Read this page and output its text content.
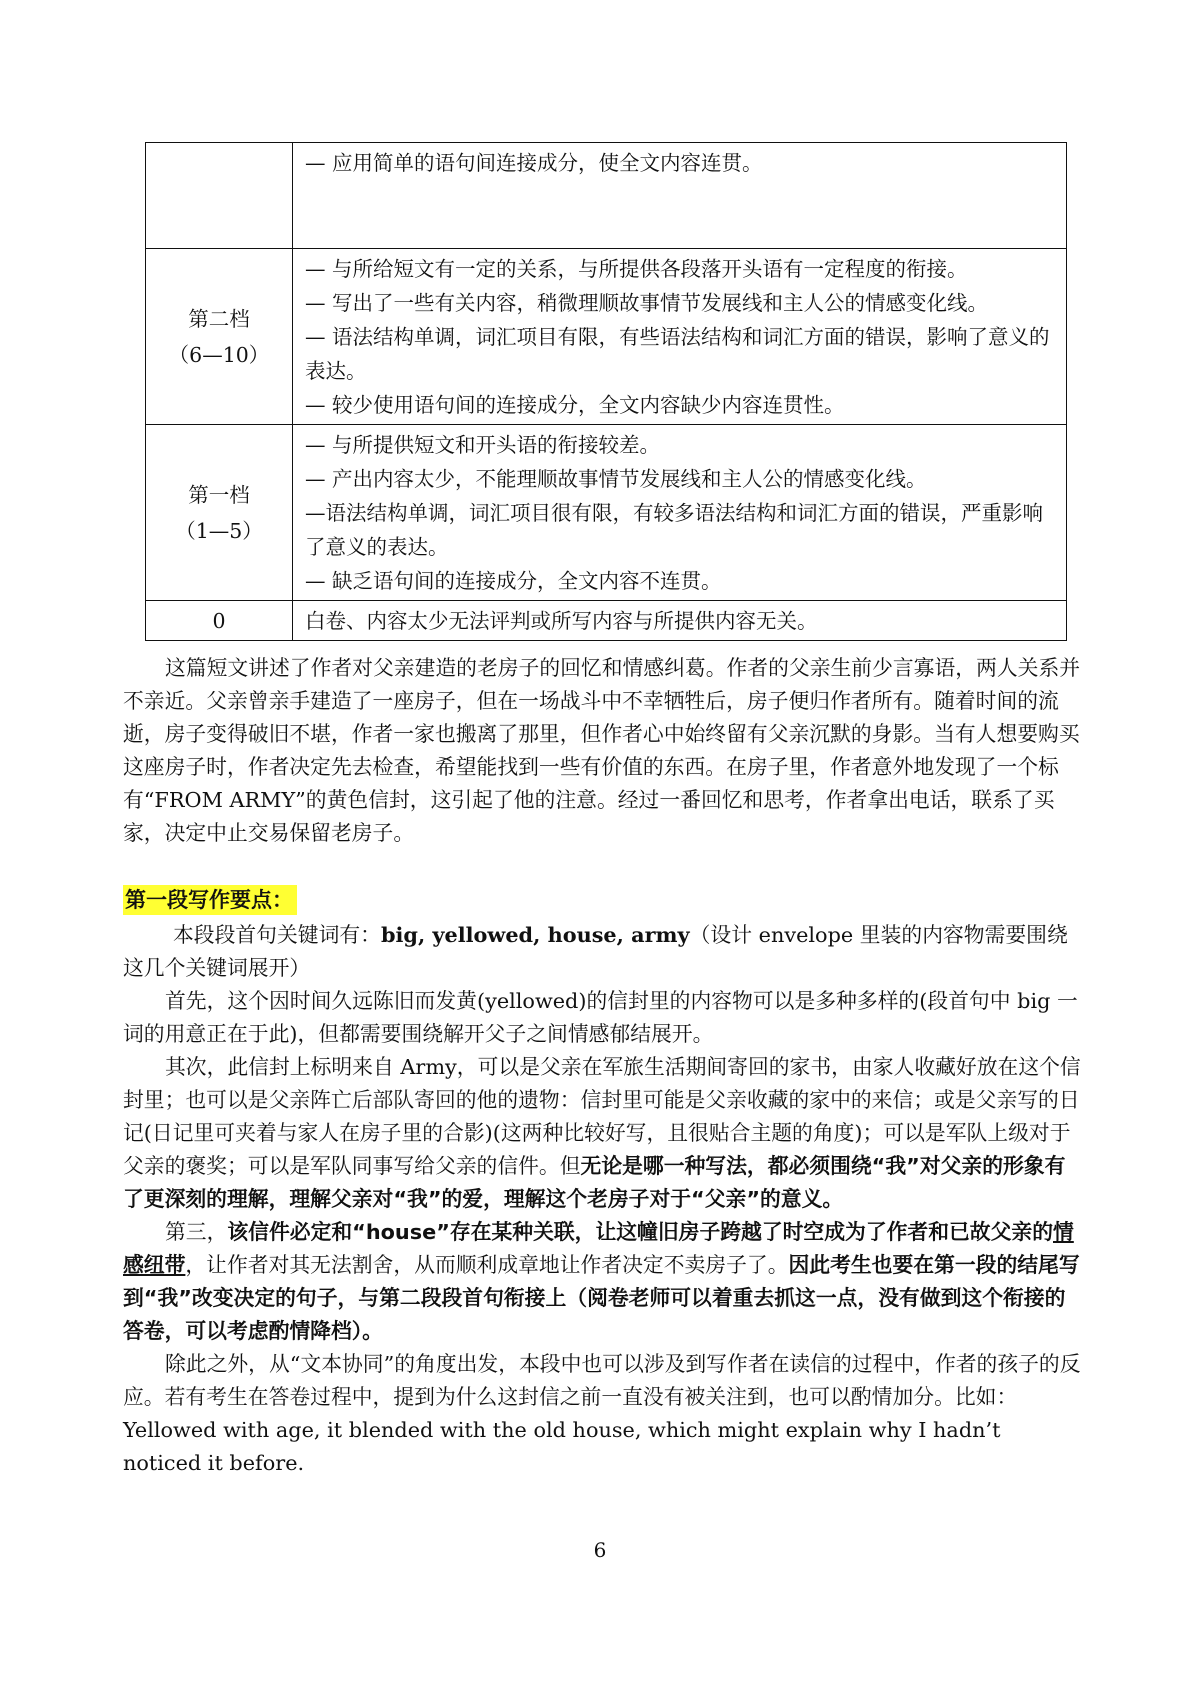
	— 应用简单的语句间连接成分，使全文内容连贯。

第二档
（6—10）	— 与所给短文有一定的关系，与所提供各段落开头语有一定程度的衔接。
— 写出了一些有关内容，稍微理顺故事情节发展线和主人公的情感变化线。
— 语法结构单调，词汇项目有限，有些语法结构和词汇方面的错误，影响了意义的表达。
— 较少使用语句间的连接成分，全文内容缺少内容连贯性。

第一档
（1—5）	— 与所提供短文和开头语的衔接较差。
— 产出内容太少，不能理顺故事情节发展线和主人公的情感变化线。
—语法结构单调，词汇项目很有限，有较多语法结构和词汇方面的错误，严重影响了意义的表达。
— 缺乏语句间的连接成分，全文内容不连贯。

0	白卷、内容太少无法评判或所写内容与所提供内容无关。

这篇短文讲述了作者对父亲建造的老房子的回忆和情感纠葛。作者的父亲生前少言寡语，两人关系并不亲近。父亲曾亲手建造了一座房子，但在一场战斗中不幸牺牲后，房子便归作者所有。随着时间的流逝，房子变得破旧不堪，作者一家也搬离了那里，但作者心中始终留有父亲沉默的身影。当有人想要购买这座房子时，作者决定先去检查，希望能找到一些有价值的东西。在房子里，作者意外地发现了一个标有“FROM ARMY”的黄色信封，这引起了他的注意。经过一番回忆和思考，作者拿出电话，联系了买家，决定中止交易保留老房子。

第一段写作要点：

本段段首句关键词有：big, yellowed, house, army（设计 envelope 里装的内容物需要围绕这几个关键词展开）

首先，这个因时间久远陈旧而发黄(yellowed)的信封里的内容物可以是多种多样的(段首句中 big 一词的用意正在于此)，但都需要围绕解开父子之间情感郁结展开。

其次，此信封上标明来自 Army，可以是父亲在军旅生活期间寄回的家书，由家人收藏好放在这个信封里；也可以是父亲阵亡后部队寄回的他的遗物：信封里可能是父亲收藏的家中的来信；或是父亲写的日记(日记里可夹着与家人在房子里的合影)(这两种比较好写，且很贴合主题的角度)；可以是军队上级对于父亲的褒奖；可以是军队同事写给父亲的信件。但无论是哪一种写法，都必须围绕“我”对父亲的形象有了更深刻的理解，理解父亲对“我”的爱，理解这个老房子对于“父亲”的意义。

第三，该信件必定和“house”存在某种关联，让这幢旧房子跨越了时空成为了作者和已故父亲的情感纽带，让作者对其无法割舍，从而顺利成章地让作者决定不卖房子了。因此考生也要在第一段的结尾写到“我”改变决定的句子，与第二段段首句衔接上（阅卷老师可以着重去抓这一点，没有做到这个衔接的答卷，可以考虑酌情降档）。

除此之外，从“文本协同”的角度出发，本段中也可以涉及到写作者在读信的过程中，作者的孩子的反应。若有考生在答卷过程中，提到为什么这封信之前一直没有被关注到，也可以酌情加分。比如：Yellowed with age, it blended with the old house, which might explain why I hadn’t noticed it before.

6
